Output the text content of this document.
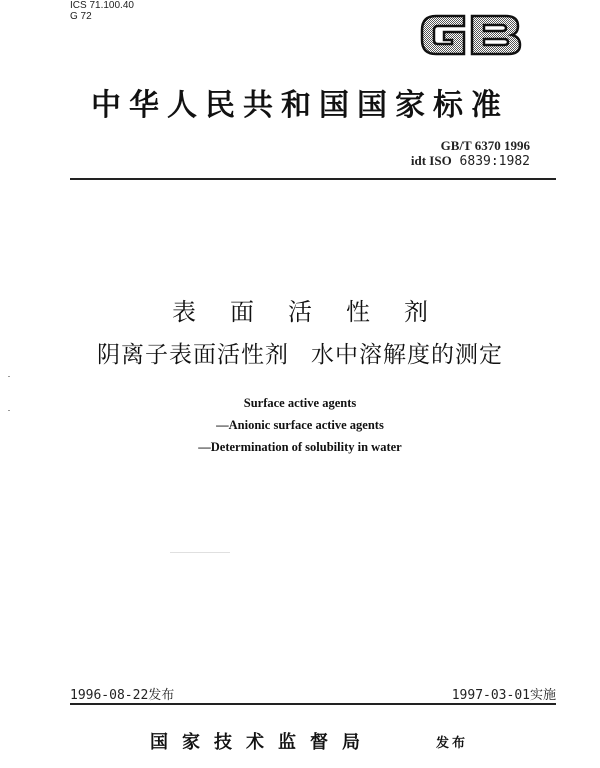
ICS 71.100.40
G 72
中华人民共和国国家标准
GB/T 6370 1996
idt ISO 6839:1982
表面活性剂
阴离子表面活性剂 水中溶解度的测定
Surface active agents
—Anionic surface active agents
—Determination of solubility in water
1996-08-22发布	1997-03-01实施
国家技术监督局	发布
